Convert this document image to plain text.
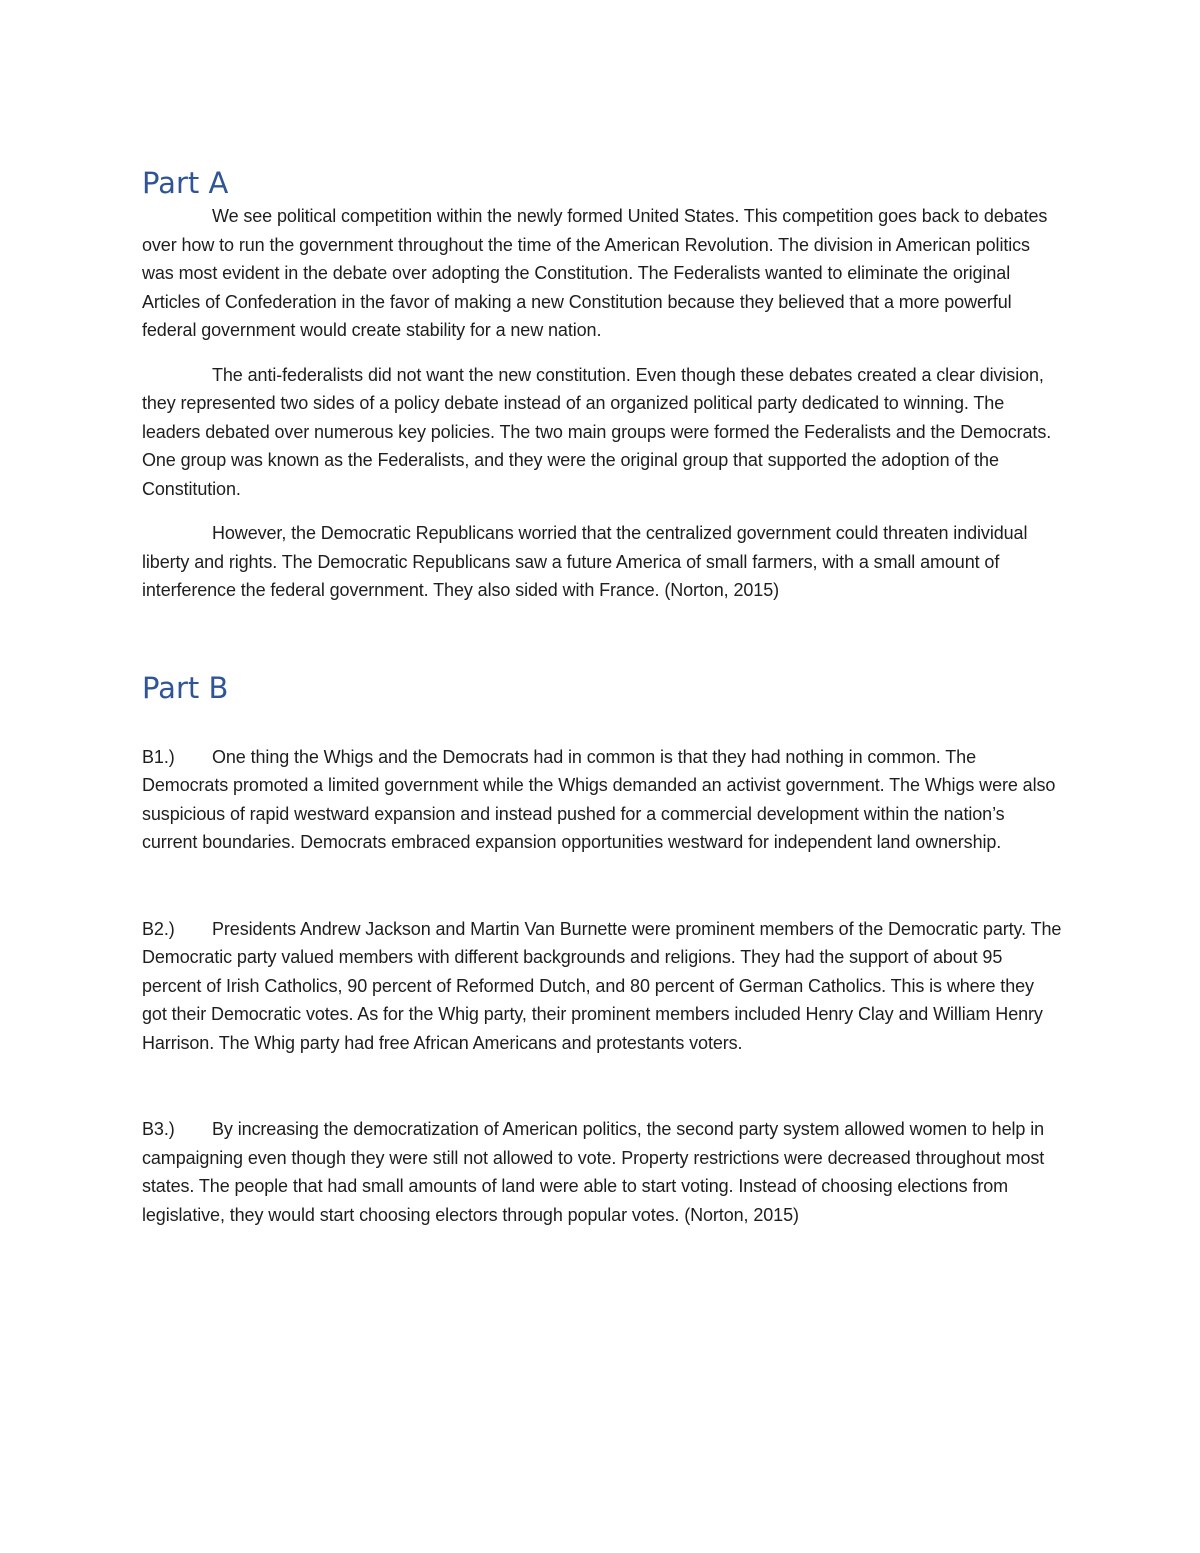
Part A

We see political competition within the newly formed United States. This competition goes back to debates over how to run the government throughout the time of the American Revolution. The division in American politics was most evident in the debate over adopting the Constitution. The Federalists wanted to eliminate the original Articles of Confederation in the favor of making a new Constitution because they believed that a more powerful federal government would create stability for a new nation.

The anti-federalists did not want the new constitution. Even though these debates created a clear division, they represented two sides of a policy debate instead of an organized political party dedicated to winning. The leaders debated over numerous key policies. The two main groups were formed the Federalists and the Democrats. One group was known as the Federalists, and they were the original group that supported the adoption of the Constitution.

However, the Democratic Republicans worried that the centralized government could threaten individual liberty and rights. The Democratic Republicans saw a future America of small farmers, with a small amount of interference the federal government. They also sided with France. (Norton, 2015)

Part B

B1.) One thing the Whigs and the Democrats had in common is that they had nothing in common. The Democrats promoted a limited government while the Whigs demanded an activist government. The Whigs were also suspicious of rapid westward expansion and instead pushed for a commercial development within the nation’s current boundaries. Democrats embraced expansion opportunities westward for independent land ownership.

B2.) Presidents Andrew Jackson and Martin Van Burnette were prominent members of the Democratic party. The Democratic party valued members with different backgrounds and religions. They had the support of about 95 percent of Irish Catholics, 90 percent of Reformed Dutch, and 80 percent of German Catholics. This is where they got their Democratic votes. As for the Whig party, their prominent members included Henry Clay and William Henry Harrison. The Whig party had free African Americans and protestants voters.

B3.) By increasing the democratization of American politics, the second party system allowed women to help in campaigning even though they were still not allowed to vote. Property restrictions were decreased throughout most states. The people that had small amounts of land were able to start voting. Instead of choosing elections from legislative, they would start choosing electors through popular votes. (Norton, 2015)
